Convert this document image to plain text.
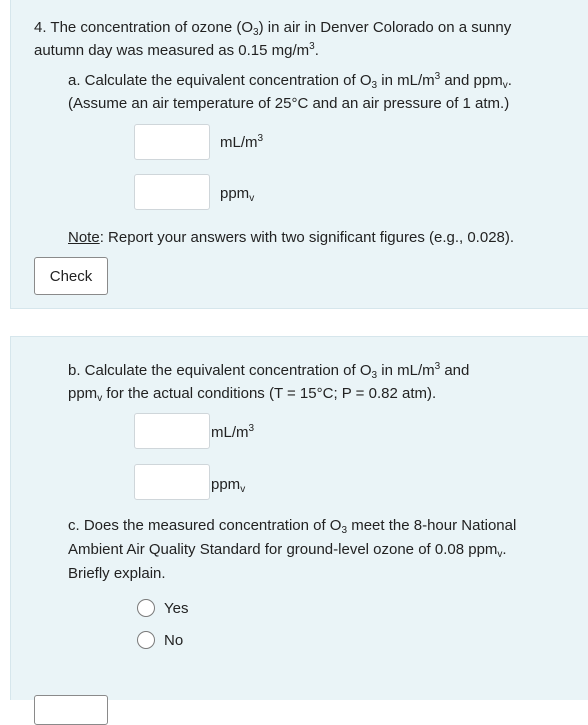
4. The concentration of ozone $(O_3)$ in air in Denver Colorado on a sunny
autumn day was measured as 0.15 $mg/m^3$.
a. Calculate the equivalent concentration of $O_3$ in $mL/m^3$ and ppm$_v$.
(Assume an air temperature of 25°C and an air pressure of 1 atm.)
$mL/m^3$
ppm$_v$
Note: Report your answers with two significant figures (e.g., 0.028).
Check
b. Calculate the equivalent concentration of $O_3$ in $mL/m^3$ and
ppm$_v$ for the actual conditions (T = 15°C; P = 0.82 atm).
$mL/m^3$
ppm$_v$
c. Does the measured concentration of $O_3$ meet the 8-hour National
Ambient Air Quality Standard for ground-level ozone of 0.08 ppm$_v$.
Briefly explain.
Yes
No
